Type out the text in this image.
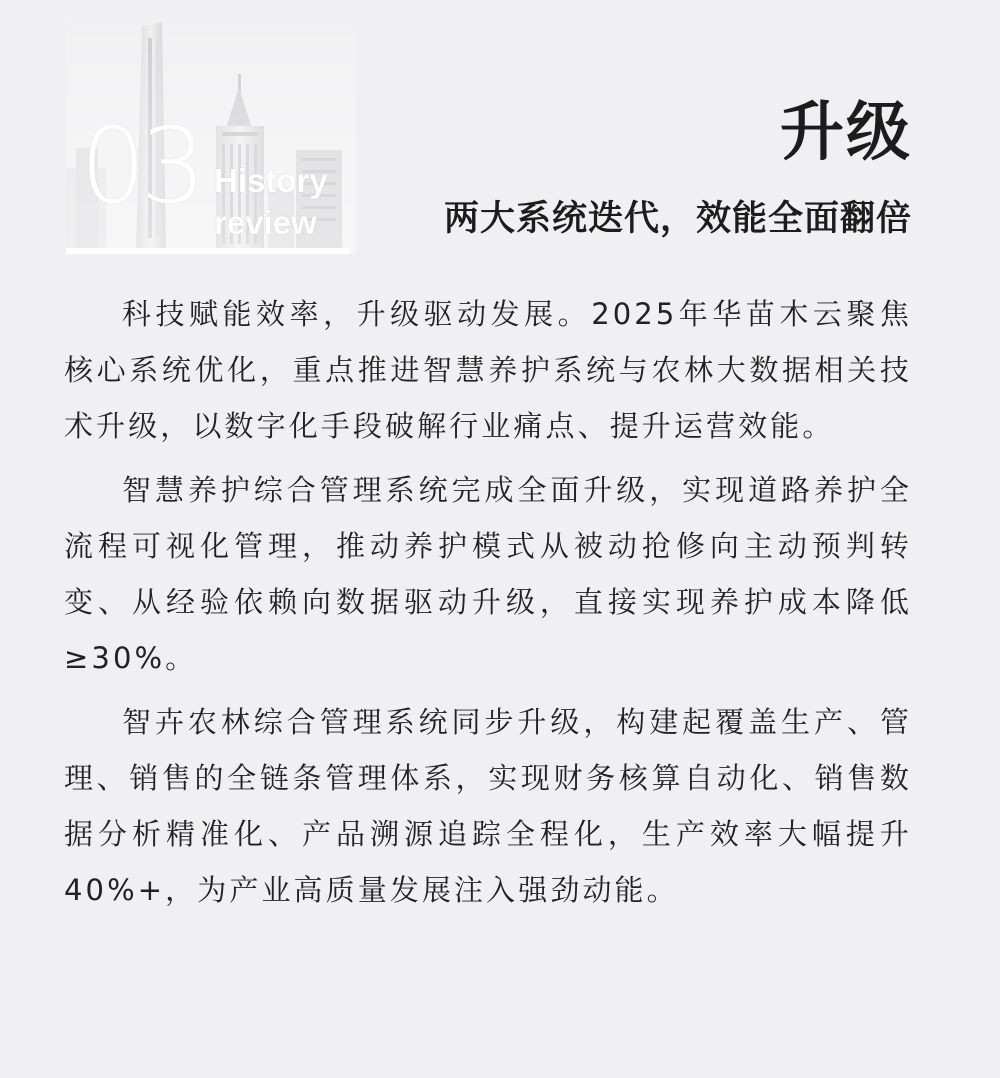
03 History
review
升级
两大系统迭代，效能全面翻倍

科技赋能效率，升级驱动发展。2025年华苗木云聚焦核心系统优化，重点推进智慧养护系统与农林大数据相关技术升级，以数字化手段破解行业痛点、提升运营效能。

智慧养护综合管理系统完成全面升级，实现道路养护全流程可视化管理，推动养护模式从被动抢修向主动预判转变、从经验依赖向数据驱动升级，直接实现养护成本降低≥30%。

智卉农林综合管理系统同步升级，构建起覆盖生产、管理、销售的全链条管理体系，实现财务核算自动化、销售数据分析精准化、产品溯源追踪全程化，生产效率大幅提升40%+，为产业高质量发展注入强劲动能。
